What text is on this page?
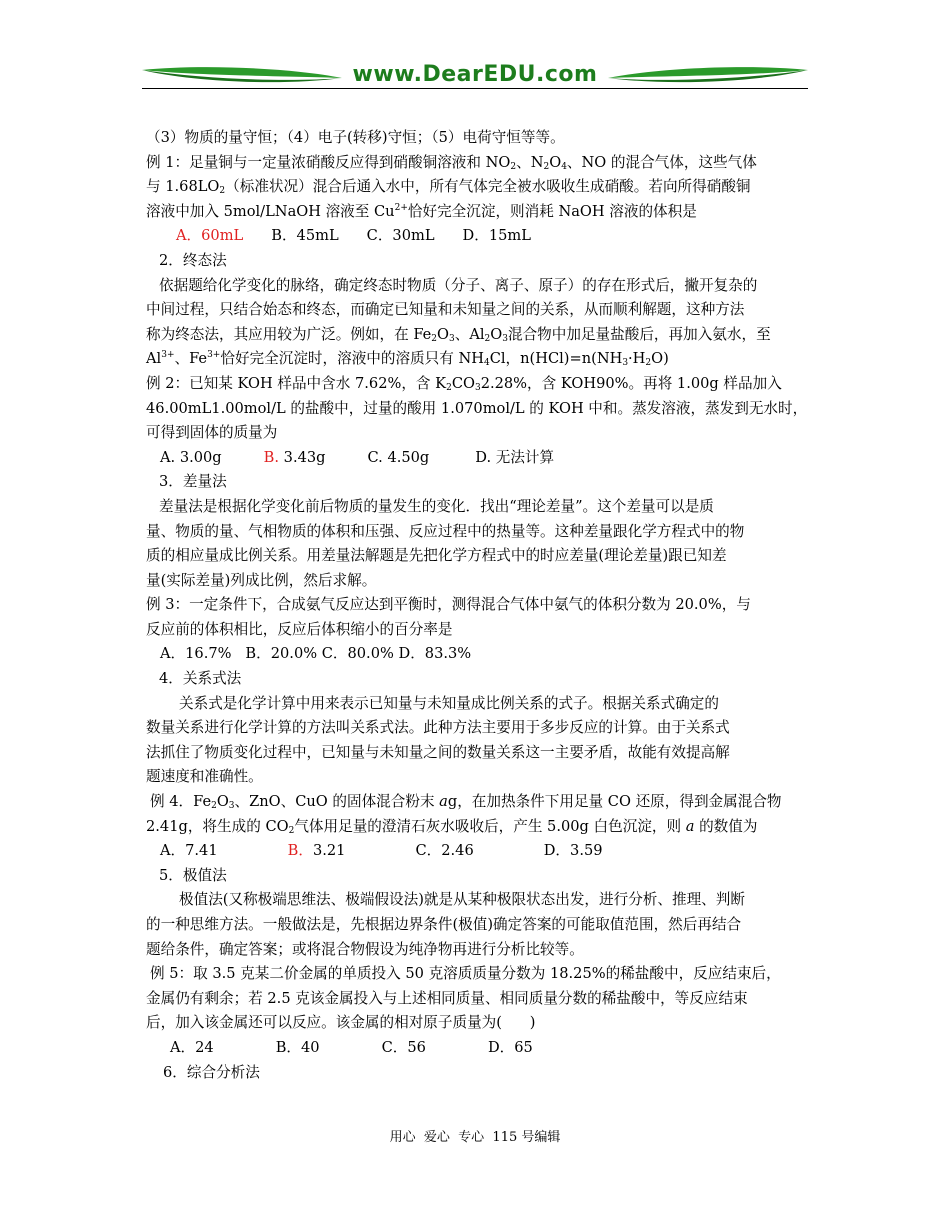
www.DearEDU.com
（3）物质的量守恒；（4）电子(转移)守恒；（5）电荷守恒等等。
例 1：足量铜与一定量浓硝酸反应得到硝酸铜溶液和 $NO_2$、$N_2O_4$、NO 的混合气体，这些气体
与 $1.68LO_2$（标准状况）混合后通入水中，所有气体完全被水吸收生成硝酸。若向所得硝酸铜
溶液中加入 5mol/LNaOH 溶液至 $Cu^{2+}$恰好完全沉淀，则消耗 NaOH 溶液的体积是
A．60mL B．45mL C．30mL D．15mL
2．终态法
依据题给化学变化的脉络，确定终态时物质（分子、离子、原子）的存在形式后，撇开复杂的
中间过程，只结合始态和终态，而确定已知量和未知量之间的关系，从而顺利解题，这种方法
称为终态法，其应用较为广泛。例如，在 $Fe_2O_3$、$Al_2O_3$混合物中加足量盐酸后，再加入氨水，至
$Al^{3+}$、$Fe^{3+}$恰好完全沉淀时，溶液中的溶质只有 $NH_4Cl$，$n(HCl)=n(NH_3\cdot H_2O)$
例 2：已知某 KOH 样品中含水 7.62%，含 $K_2CO_32.28\%$，含 KOH90%。再将 1.00g 样品加入
46.00mL1.00mol/L 的盐酸中，过量的酸用 1.070mol/L 的 KOH 中和。蒸发溶液，蒸发到无水时，
可得到固体的质量为
A. 3.00g	B. 3.43g	C. 4.50g	D. 无法计算
3．差量法
差量法是根据化学变化前后物质的量发生的变化．找出“理论差量”。这个差量可以是质
量、物质的量、气相物质的体积和压强、反应过程中的热量等。这种差量跟化学方程式中的物
质的相应量成比例关系。用差量法解题是先把化学方程式中的时应差量(理论差量)跟已知差
量(实际差量)列成比例，然后求解。
例 3：一定条件下，合成氨气反应达到平衡时，测得混合气体中氨气的体积分数为 20.0%，与
反应前的体积相比，反应后体积缩小的百分率是
A．16.7%   B．20.0% C．80.0% D．83.3%
4．关系式法
关系式是化学计算中用来表示已知量与未知量成比例关系的式子。根据关系式确定的
数量关系进行化学计算的方法叫关系式法。此种方法主要用于多步反应的计算。由于关系式
法抓住了物质变化过程中，已知量与未知量之间的数量关系这一主要矛盾，故能有效提高解
题速度和准确性。
例 4．$Fe_2O_3$、ZnO、CuO 的固体混合粉末 ag，在加热条件下用足量 CO 还原，得到金属混合物
2.41g，将生成的 $CO_2$气体用足量的澄清石灰水吸收后，产生 5.00g 白色沉淀，则 a 的数值为
A．7.41	B．3.21	C．2.46	D．3.59
5．极值法
极值法(又称极端思维法、极端假设法)就是从某种极限状态出发，进行分析、推理、判断
的一种思维方法。一般做法是，先根据边界条件(极值)确定答案的可能取值范围，然后再结合
题给条件，确定答案；或将混合物假设为纯净物再进行分析比较等。
例 5：取 3.5 克某二价金属的单质投入 50 克溶质质量分数为 18.25%的稀盐酸中，反应结束后，
金属仍有剩余；若 2.5 克该金属投入与上述相同质量、相同质量分数的稀盐酸中，等反应结束
后，加入该金属还可以反应。该金属的相对原子质量为(      )
A．24	B．40	C．56	D．65
6．综合分析法
用心  爱心  专心  115 号编辑
